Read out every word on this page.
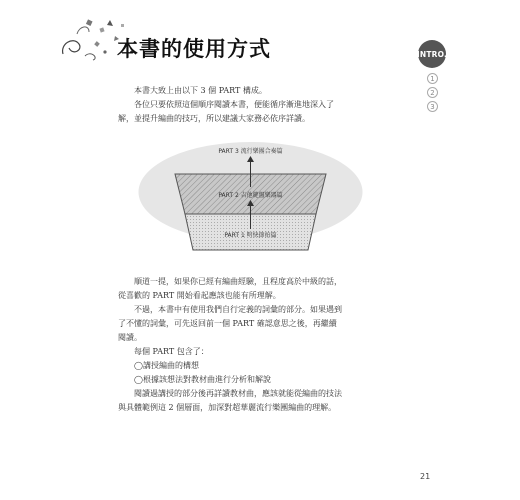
本書的使用方式	INTRO.
1
2
3

本書大致上由以下 3 個 PART 構成。

各位只要依照這個順序閱讀本書，便能循序漸進地深入了解，並提升編曲的技巧，所以建議大家務必依序詳讀。

PART 3 流行樂團合奏篇
PART 2 吉他鍵盤樂器篇
PART 1 明快節拍篇

順道一提，如果你已經有編曲經驗，且程度高於中級的話，從喜歡的 PART 開始看起應該也能有所理解。

不過，本書中有使用我們自行定義的詞彙的部分。如果遇到了不懂的詞彙，可先返回前一個 PART 確認意思之後，再繼續閱讀。

每個 PART 包含了：

◯講授編曲的構想

◯根據該想法對教材曲進行分析和解說

閱讀過講授的部分後再詳讀教材曲，應該就能從編曲的技法與具體範例這 2 個層面，加深對超華麗流行樂團編曲的理解。

21
